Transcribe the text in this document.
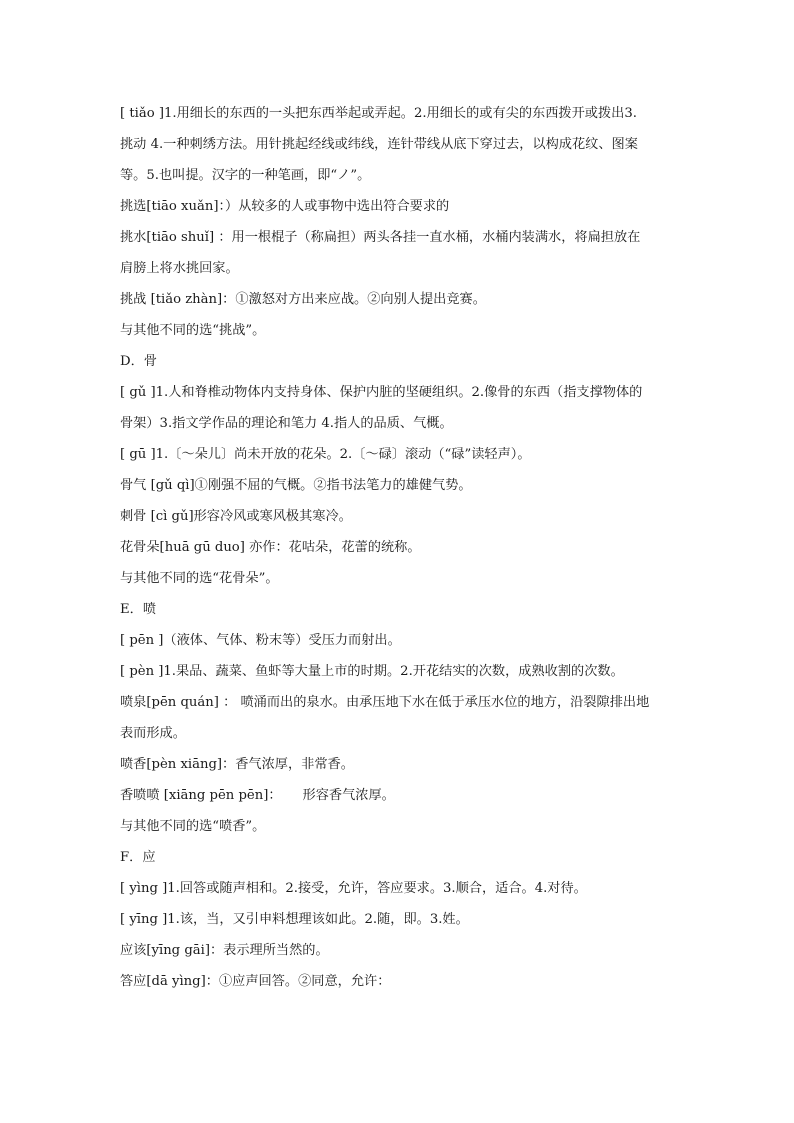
[ tiǎo ]1.用细长的东西的一头把东西举起或弄起。2.用细长的或有尖的东西拨开或拨出3.
挑动 4.一种刺绣方法。用针挑起经线或纬线，连针带线从底下穿过去，以构成花纹、图案
等。5.也叫提。汉字的一种笔画，即“ノ”。
挑选[tiāo xuǎn]：）从较多的人或事物中选出符合要求的
挑水[tiāo shuǐ] ：用一根棍子（称扁担）两头各挂一直水桶，水桶内装满水，将扁担放在
肩膀上将水挑回家。
挑战 [tiǎo zhàn]：①激怒对方出来应战。②向别人提出竞赛。
与其他不同的选“挑战”。
D．骨
[ gǔ ]1.人和脊椎动物体内支持身体、保护内脏的坚硬组织。2.像骨的东西（指支撑物体的
骨架）3.指文学作品的理论和笔力 4.指人的品质、气概。
[ gū ]1.〔～朵儿〕尚未开放的花朵。2.〔～碌〕滚动（“碌”读轻声）。
骨气 [gǔ qì]①刚强不屈的气概。②指书法笔力的雄健气势。
刺骨 [cì gǔ]形容冷风或寒风极其寒冷。
花骨朵[huā gū duo] 亦作：花咕朵，花蕾的统称。
与其他不同的选“花骨朵”。
E．喷
[ pēn ]（液体、气体、粉末等）受压力而射出。
[ pèn ]1.果品、蔬菜、鱼虾等大量上市的时期。2.开花结实的次数，成熟收割的次数。
喷泉[pēn quán] ： 喷涌而出的泉水。由承压地下水在低于承压水位的地方，沿裂隙排出地
表而形成。
喷香[pèn xiāng]：香气浓厚，非常香。
香喷喷 [xiāng pēn pēn]：     形容香气浓厚。
与其他不同的选“喷香”。
F．应
[ yìng ]1.回答或随声相和。2.接受，允许，答应要求。3.顺合，适合。4.对待。
[ yīng ]1.该，当，又引申料想理该如此。2.随，即。3.姓。
应该[yīng gāi]：表示理所当然的。
答应[dā yìng]：①应声回答。②同意，允许：
